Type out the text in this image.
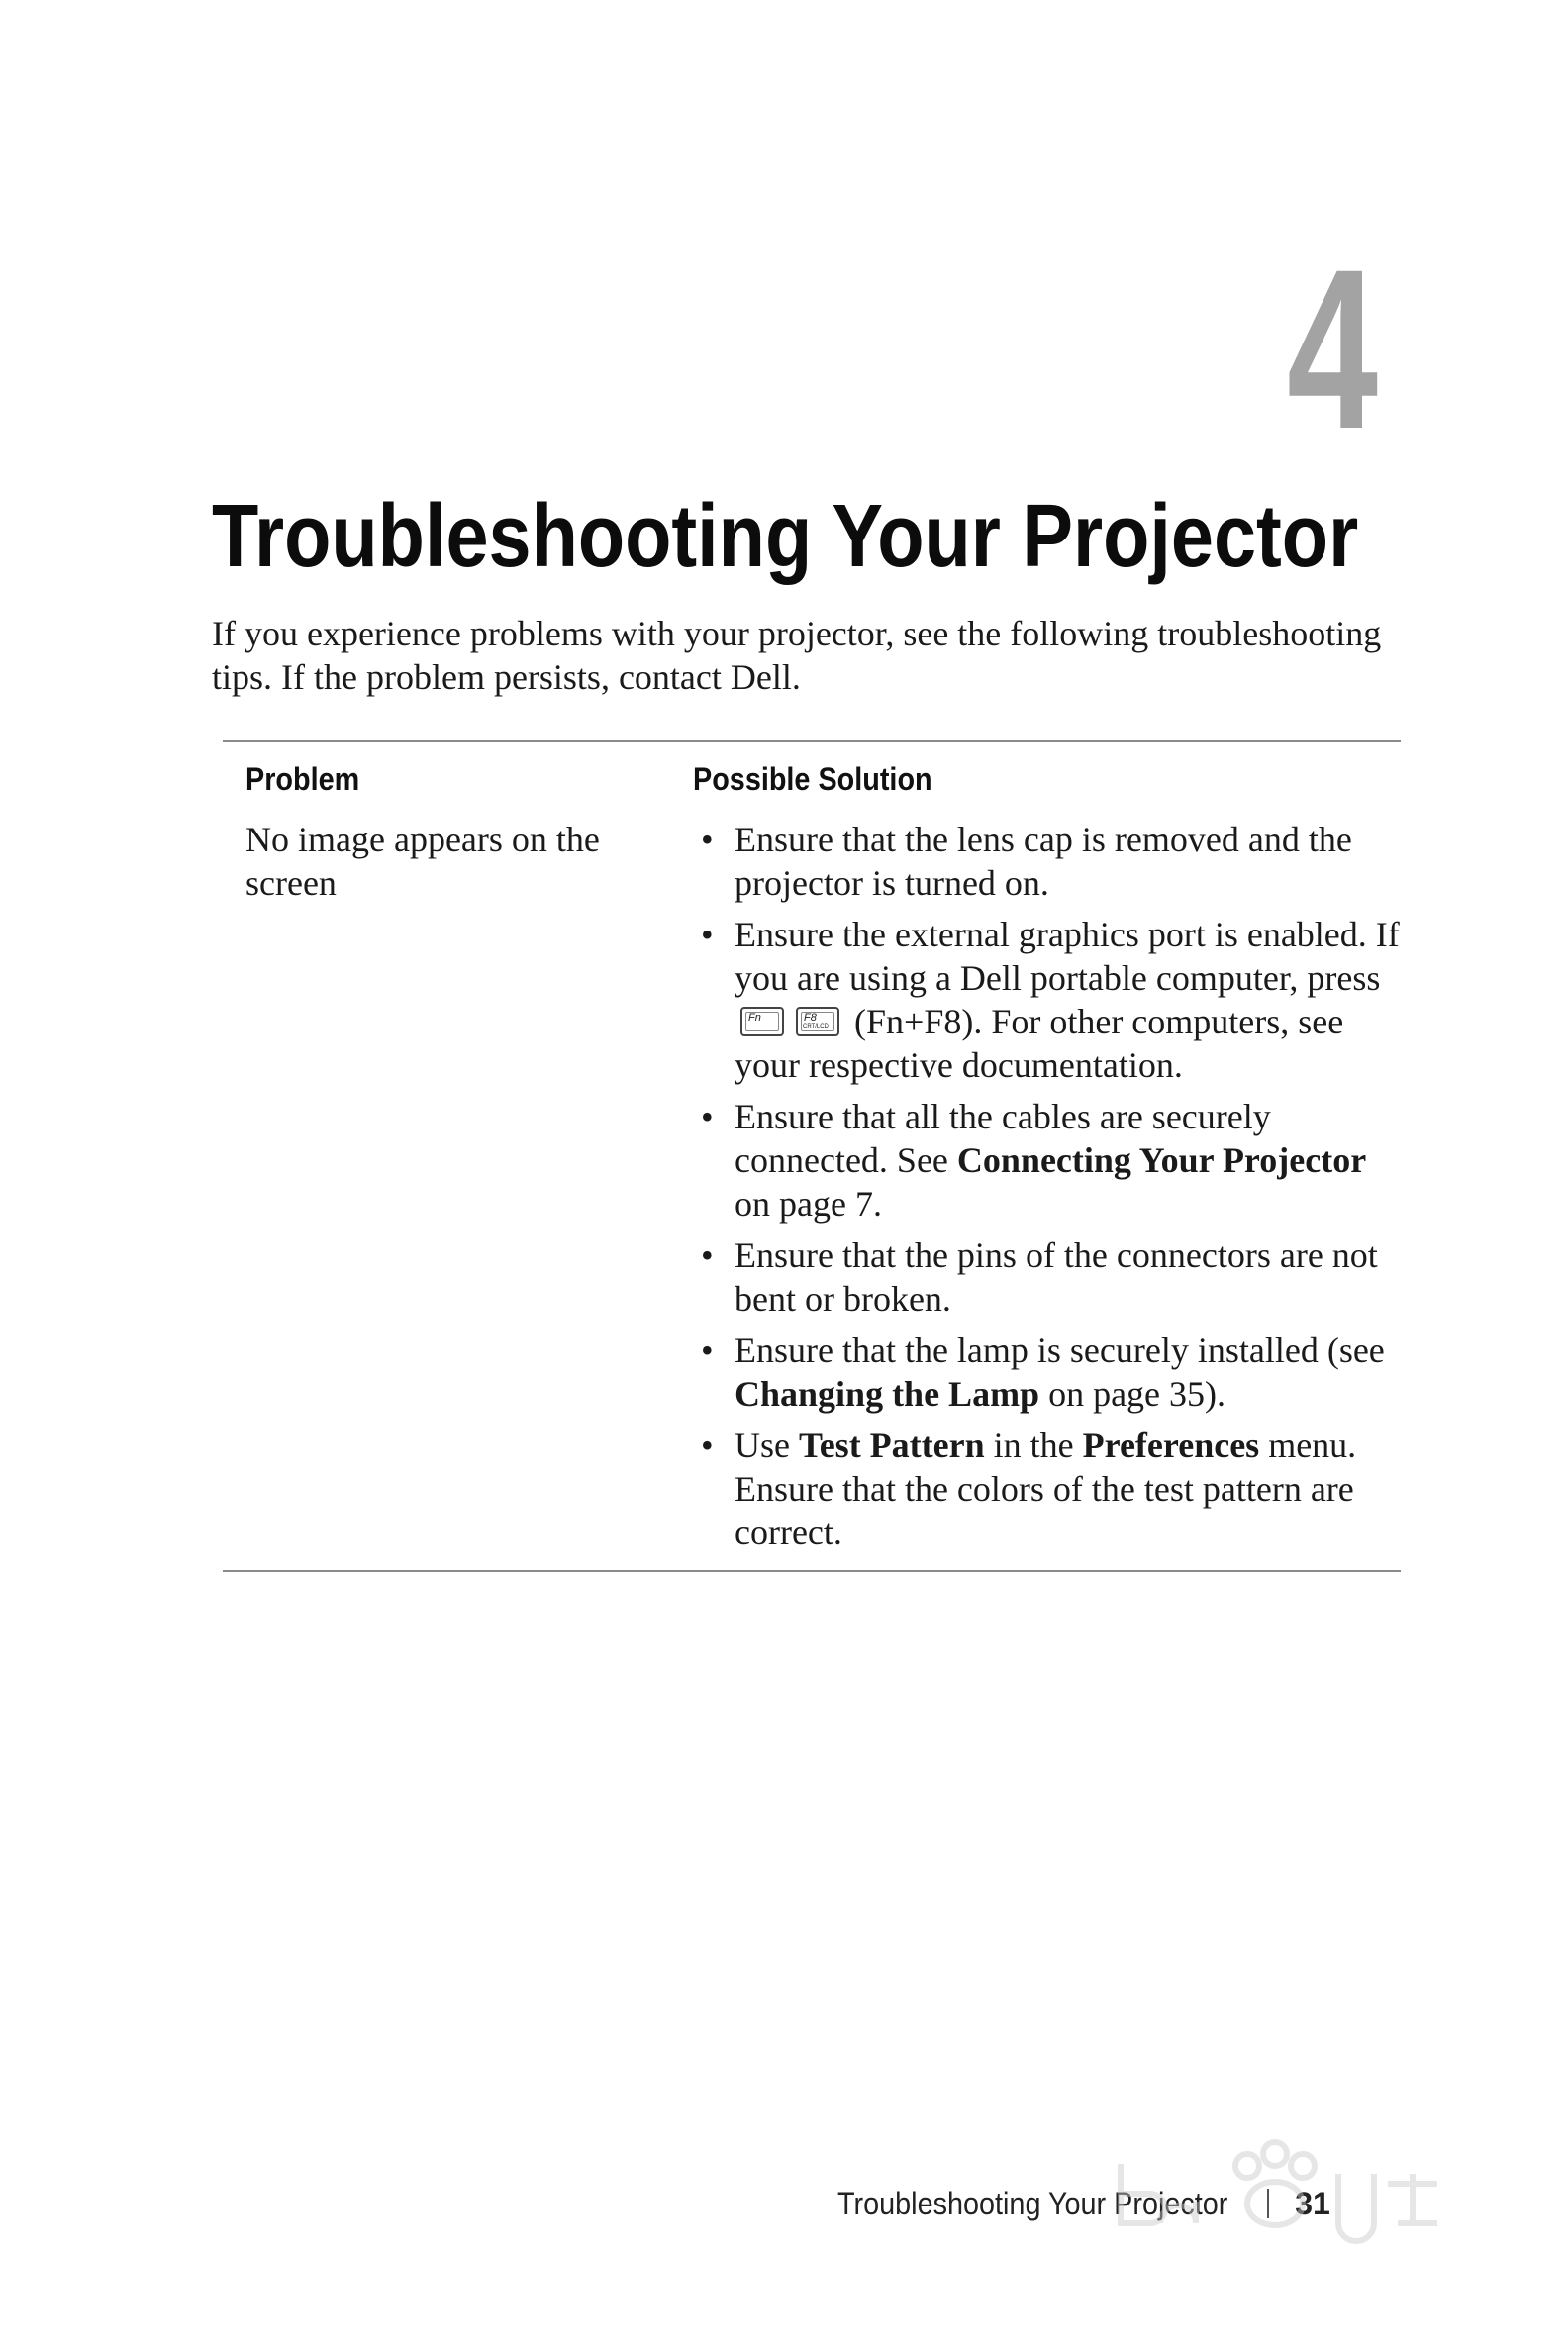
4
Troubleshooting Your Projector

If you experience problems with your projector, see the following troubleshooting tips. If the problem persists, contact Dell.

Problem	Possible Solution
No image appears on the screen
• Ensure that the lens cap is removed and the projector is turned on.
• Ensure the external graphics port is enabled. If you are using a Dell portable computer, press
Fn	F8
CRT/LCD (Fn+F8). For other computers, see your respective documentation.
• Ensure that all the cables are securely connected. See Connecting Your Projector on page 7.
• Ensure that the pins of the connectors are not bent or broken.
• Ensure that the lamp is securely installed (see Changing the Lamp on page 35).
• Use Test Pattern in the Preferences menu. Ensure that the colors of the test pattern are correct.
Troubleshooting Your Projector 31
